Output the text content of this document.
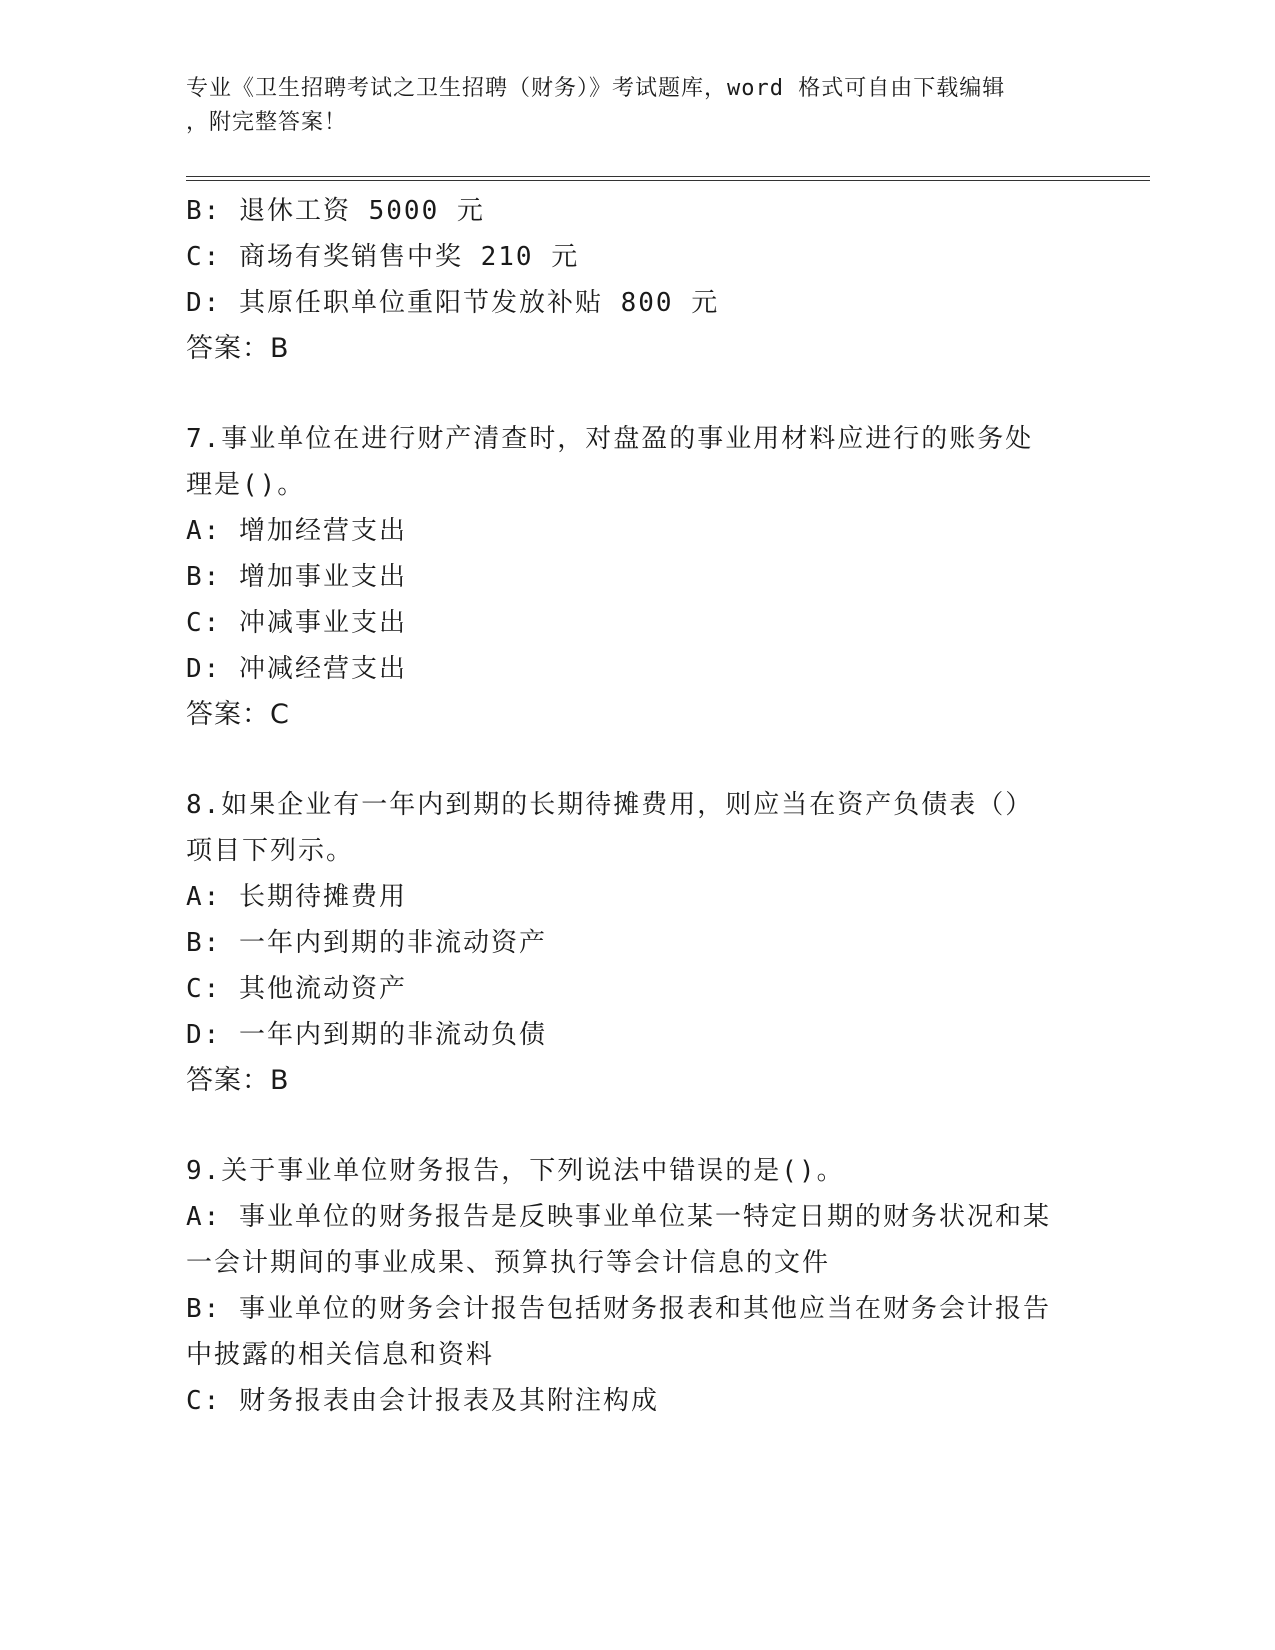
专业《卫生招聘考试之卫生招聘（财务）》考试题库，word 格式可自由下载编辑
，附完整答案！
B: 退休工资 5000 元
C: 商场有奖销售中奖 210 元
D: 其原任职单位重阳节发放补贴 800 元
答案：B
7.事业单位在进行财产清查时，对盘盈的事业用材料应进行的账务处
理是()。
A: 增加经营支出
B: 增加事业支出
C: 冲减事业支出
D: 冲减经营支出
答案：C
8.如果企业有一年内到期的长期待摊费用，则应当在资产负债表（）
项目下列示。
A: 长期待摊费用
B: 一年内到期的非流动资产
C: 其他流动资产
D: 一年内到期的非流动负债
答案：B
9.关于事业单位财务报告，下列说法中错误的是()。
A: 事业单位的财务报告是反映事业单位某一特定日期的财务状况和某
一会计期间的事业成果、预算执行等会计信息的文件
B: 事业单位的财务会计报告包括财务报表和其他应当在财务会计报告
中披露的相关信息和资料
C: 财务报表由会计报表及其附注构成
